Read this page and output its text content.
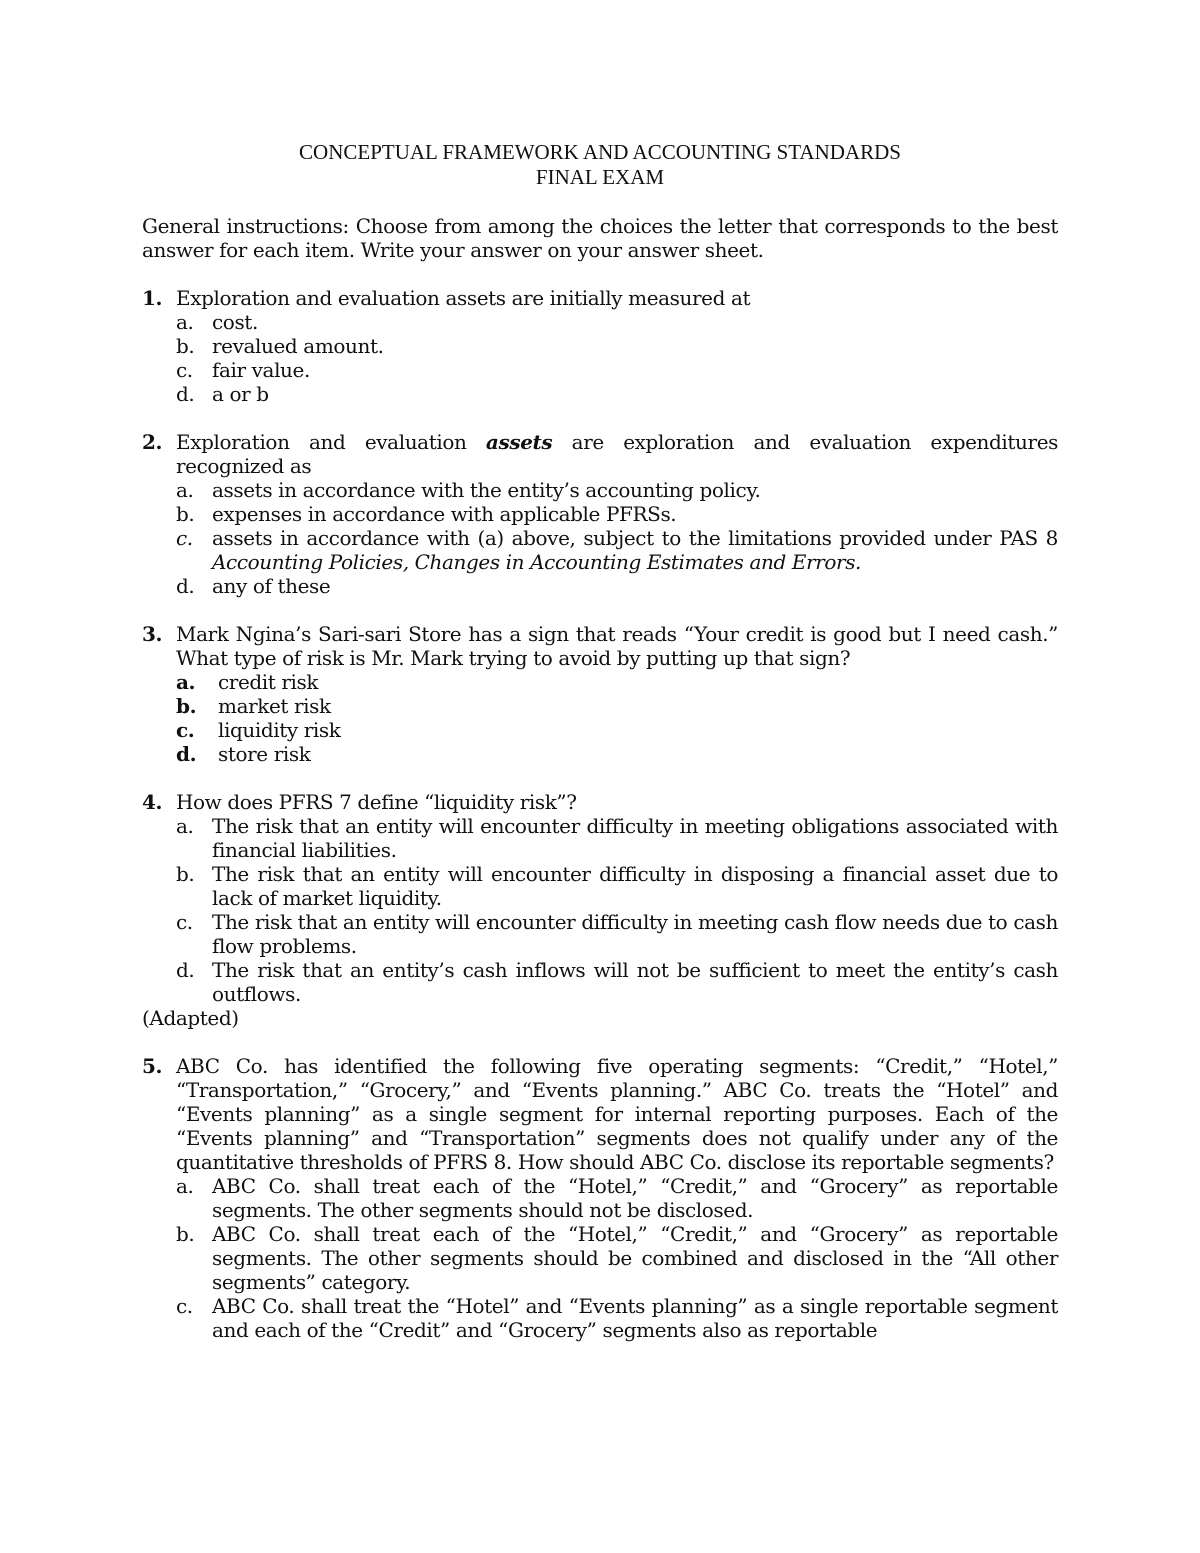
CONCEPTUAL FRAMEWORK AND ACCOUNTING STANDARDS
FINAL EXAM
General instructions: Choose from among the choices the letter that corresponds to the best answer for each item. Write your answer on your answer sheet.
1. Exploration and evaluation assets are initially measured at
a. cost.
b. revalued amount.
c. fair value.
d. a or b
2. Exploration and evaluation assets are exploration and evaluation expenditures recognized as
a. assets in accordance with the entity’s accounting policy.
b. expenses in accordance with applicable PFRSs.
c. assets in accordance with (a) above, subject to the limitations provided under PAS 8 Accounting Policies, Changes in Accounting Estimates and Errors.
d. any of these
3. Mark Ngina’s Sari-sari Store has a sign that reads “Your credit is good but I need cash.” What type of risk is Mr. Mark trying to avoid by putting up that sign?
a. credit risk
b. market risk
c. liquidity risk
d. store risk
4. How does PFRS 7 define “liquidity risk”?
a. The risk that an entity will encounter difficulty in meeting obligations associated with financial liabilities.
b. The risk that an entity will encounter difficulty in disposing a financial asset due to lack of market liquidity.
c. The risk that an entity will encounter difficulty in meeting cash flow needs due to cash flow problems.
d. The risk that an entity’s cash inflows will not be sufficient to meet the entity’s cash outflows.
(Adapted)
5. ABC Co. has identified the following five operating segments: “Credit,” “Hotel,” “Transportation,” “Grocery,” and “Events planning.” ABC Co. treats the “Hotel” and “Events planning” as a single segment for internal reporting purposes. Each of the “Events planning” and “Transportation” segments does not qualify under any of the quantitative thresholds of PFRS 8. How should ABC Co. disclose its reportable segments?
a. ABC Co. shall treat each of the “Hotel,” “Credit,” and “Grocery” as reportable segments. The other segments should not be disclosed.
b. ABC Co. shall treat each of the “Hotel,” “Credit,” and “Grocery” as reportable segments. The other segments should be combined and disclosed in the “All other segments” category.
c. ABC Co. shall treat the “Hotel” and “Events planning” as a single reportable segment and each of the “Credit” and “Grocery” segments also as reportable
